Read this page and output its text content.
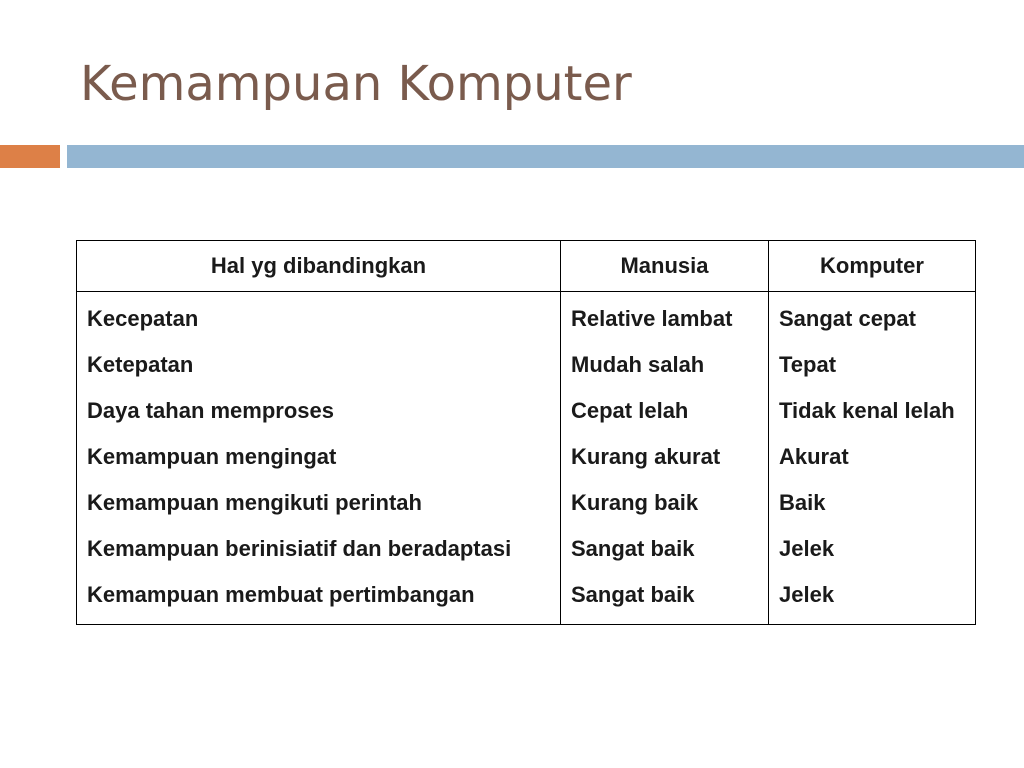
Kemampuan Komputer
Hal yg dibandingkan	Manusia	Komputer
Kecepatan	Relative lambat	Sangat cepat
Ketepatan	Mudah salah	Tepat
Daya tahan memproses	Cepat lelah	Tidak kenal lelah
Kemampuan mengingat	Kurang akurat	Akurat
Kemampuan mengikuti perintah	Kurang baik	Baik
Kemampuan berinisiatif dan beradaptasi	Sangat baik	Jelek
Kemampuan membuat pertimbangan	Sangat baik	Jelek
